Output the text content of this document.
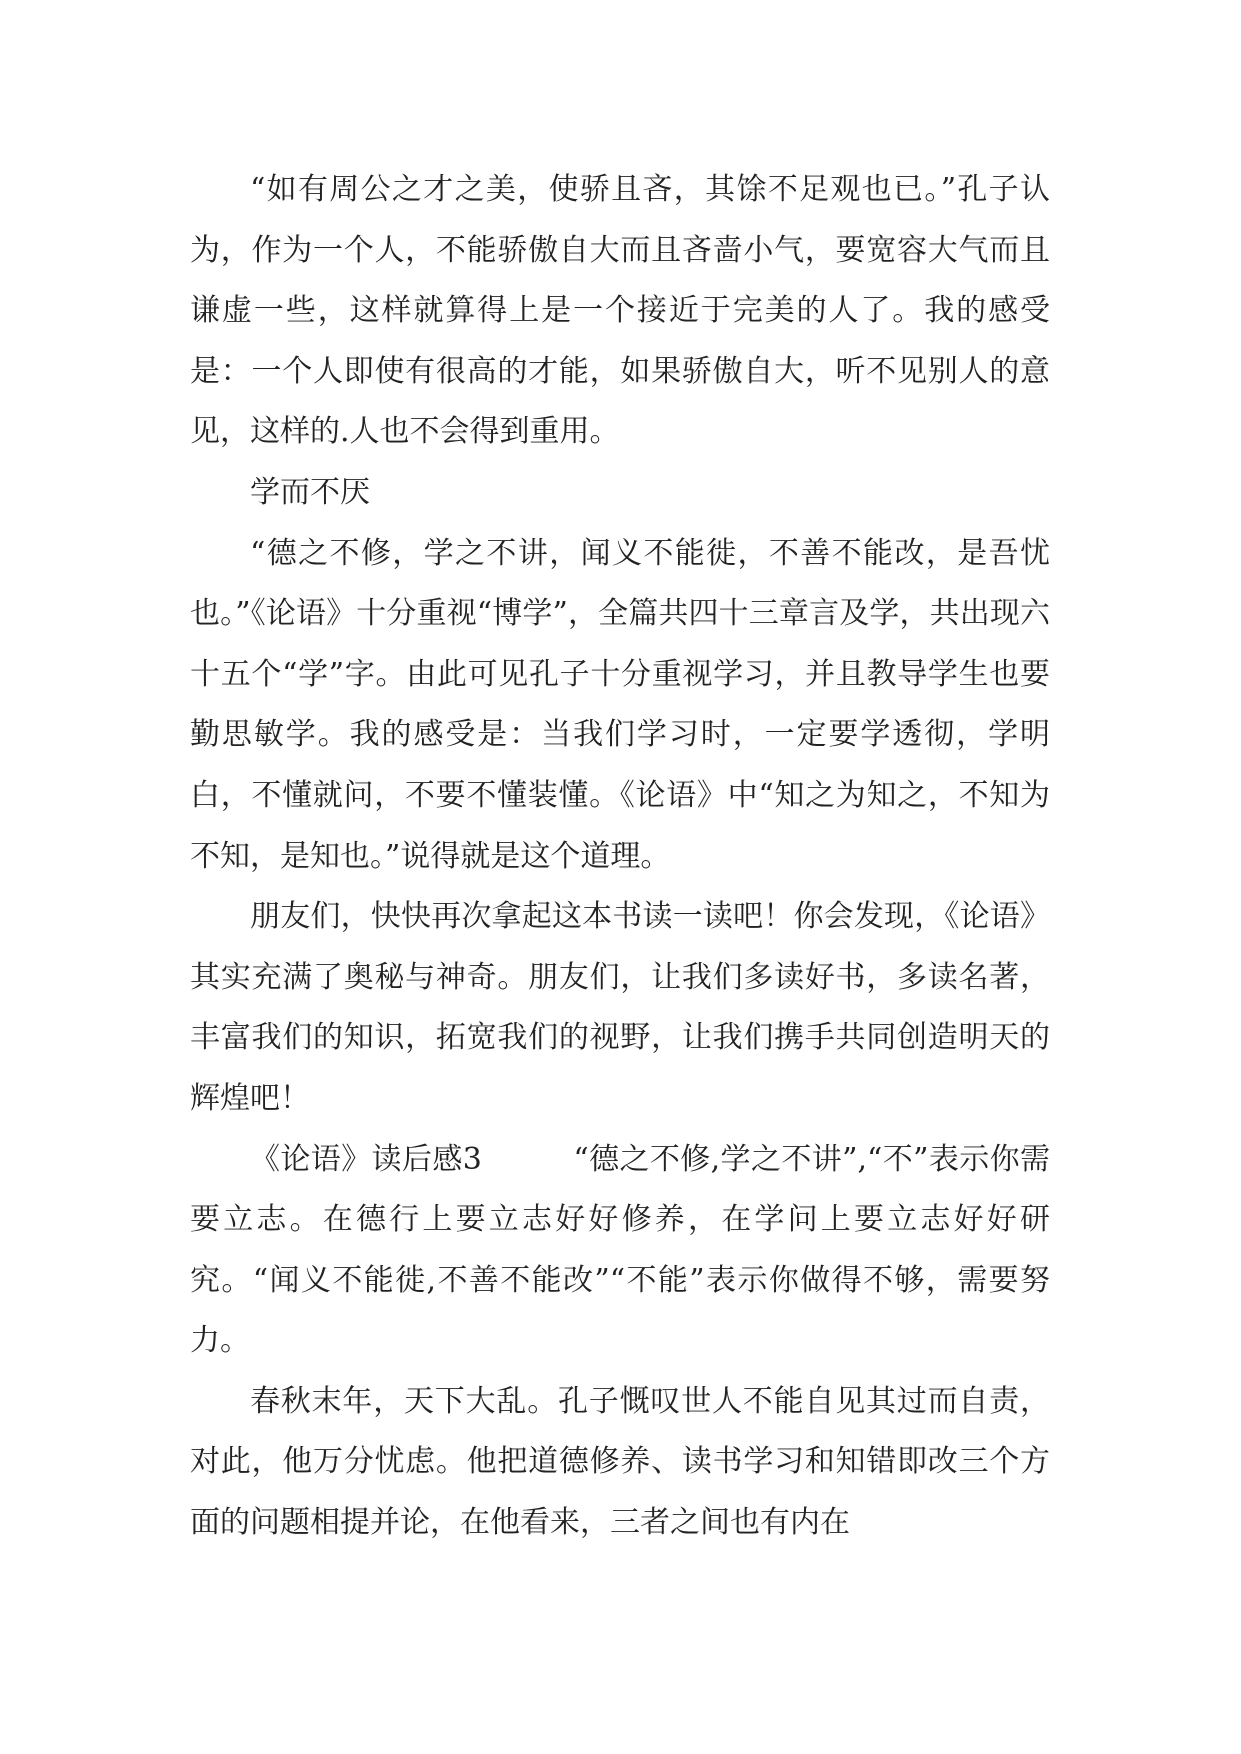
“如有周公之才之美，使骄且吝，其馀不足观也已。”孔子认为，作为一个人，不能骄傲自大而且吝啬小气，要宽容大气而且谦虚一些，这样就算得上是一个接近于完美的人了。我的感受是：一个人即使有很高的才能，如果骄傲自大，听不见别人的意见，这样的.人也不会得到重用。

学而不厌

“德之不修，学之不讲，闻义不能徙，不善不能改，是吾忧也。”《论语》十分重视“博学”，全篇共四十三章言及学，共出现六十五个“学”字。由此可见孔子十分重视学习，并且教导学生也要勤思敏学。我的感受是：当我们学习时，一定要学透彻，学明白，不懂就问，不要不懂装懂。《论语》中“知之为知之，不知为不知，是知也。”说得就是这个道理。

朋友们，快快再次拿起这本书读一读吧！你会发现，《论语》其实充满了奥秘与神奇。朋友们，让我们多读好书，多读名著，丰富我们的知识，拓宽我们的视野，让我们携手共同创造明天的辉煌吧！

《论语》读后感3　　　“德之不修,学之不讲”,“不”表示你需要立志。在德行上要立志好好修养，在学问上要立志好好研究。“闻义不能徙,不善不能改”“不能”表示你做得不够，需要努力。

春秋末年，天下大乱。孔子慨叹世人不能自见其过而自责，对此，他万分忧虑。他把道德修养、读书学习和知错即改三个方面的问题相提并论，在他看来，三者之间也有内在
